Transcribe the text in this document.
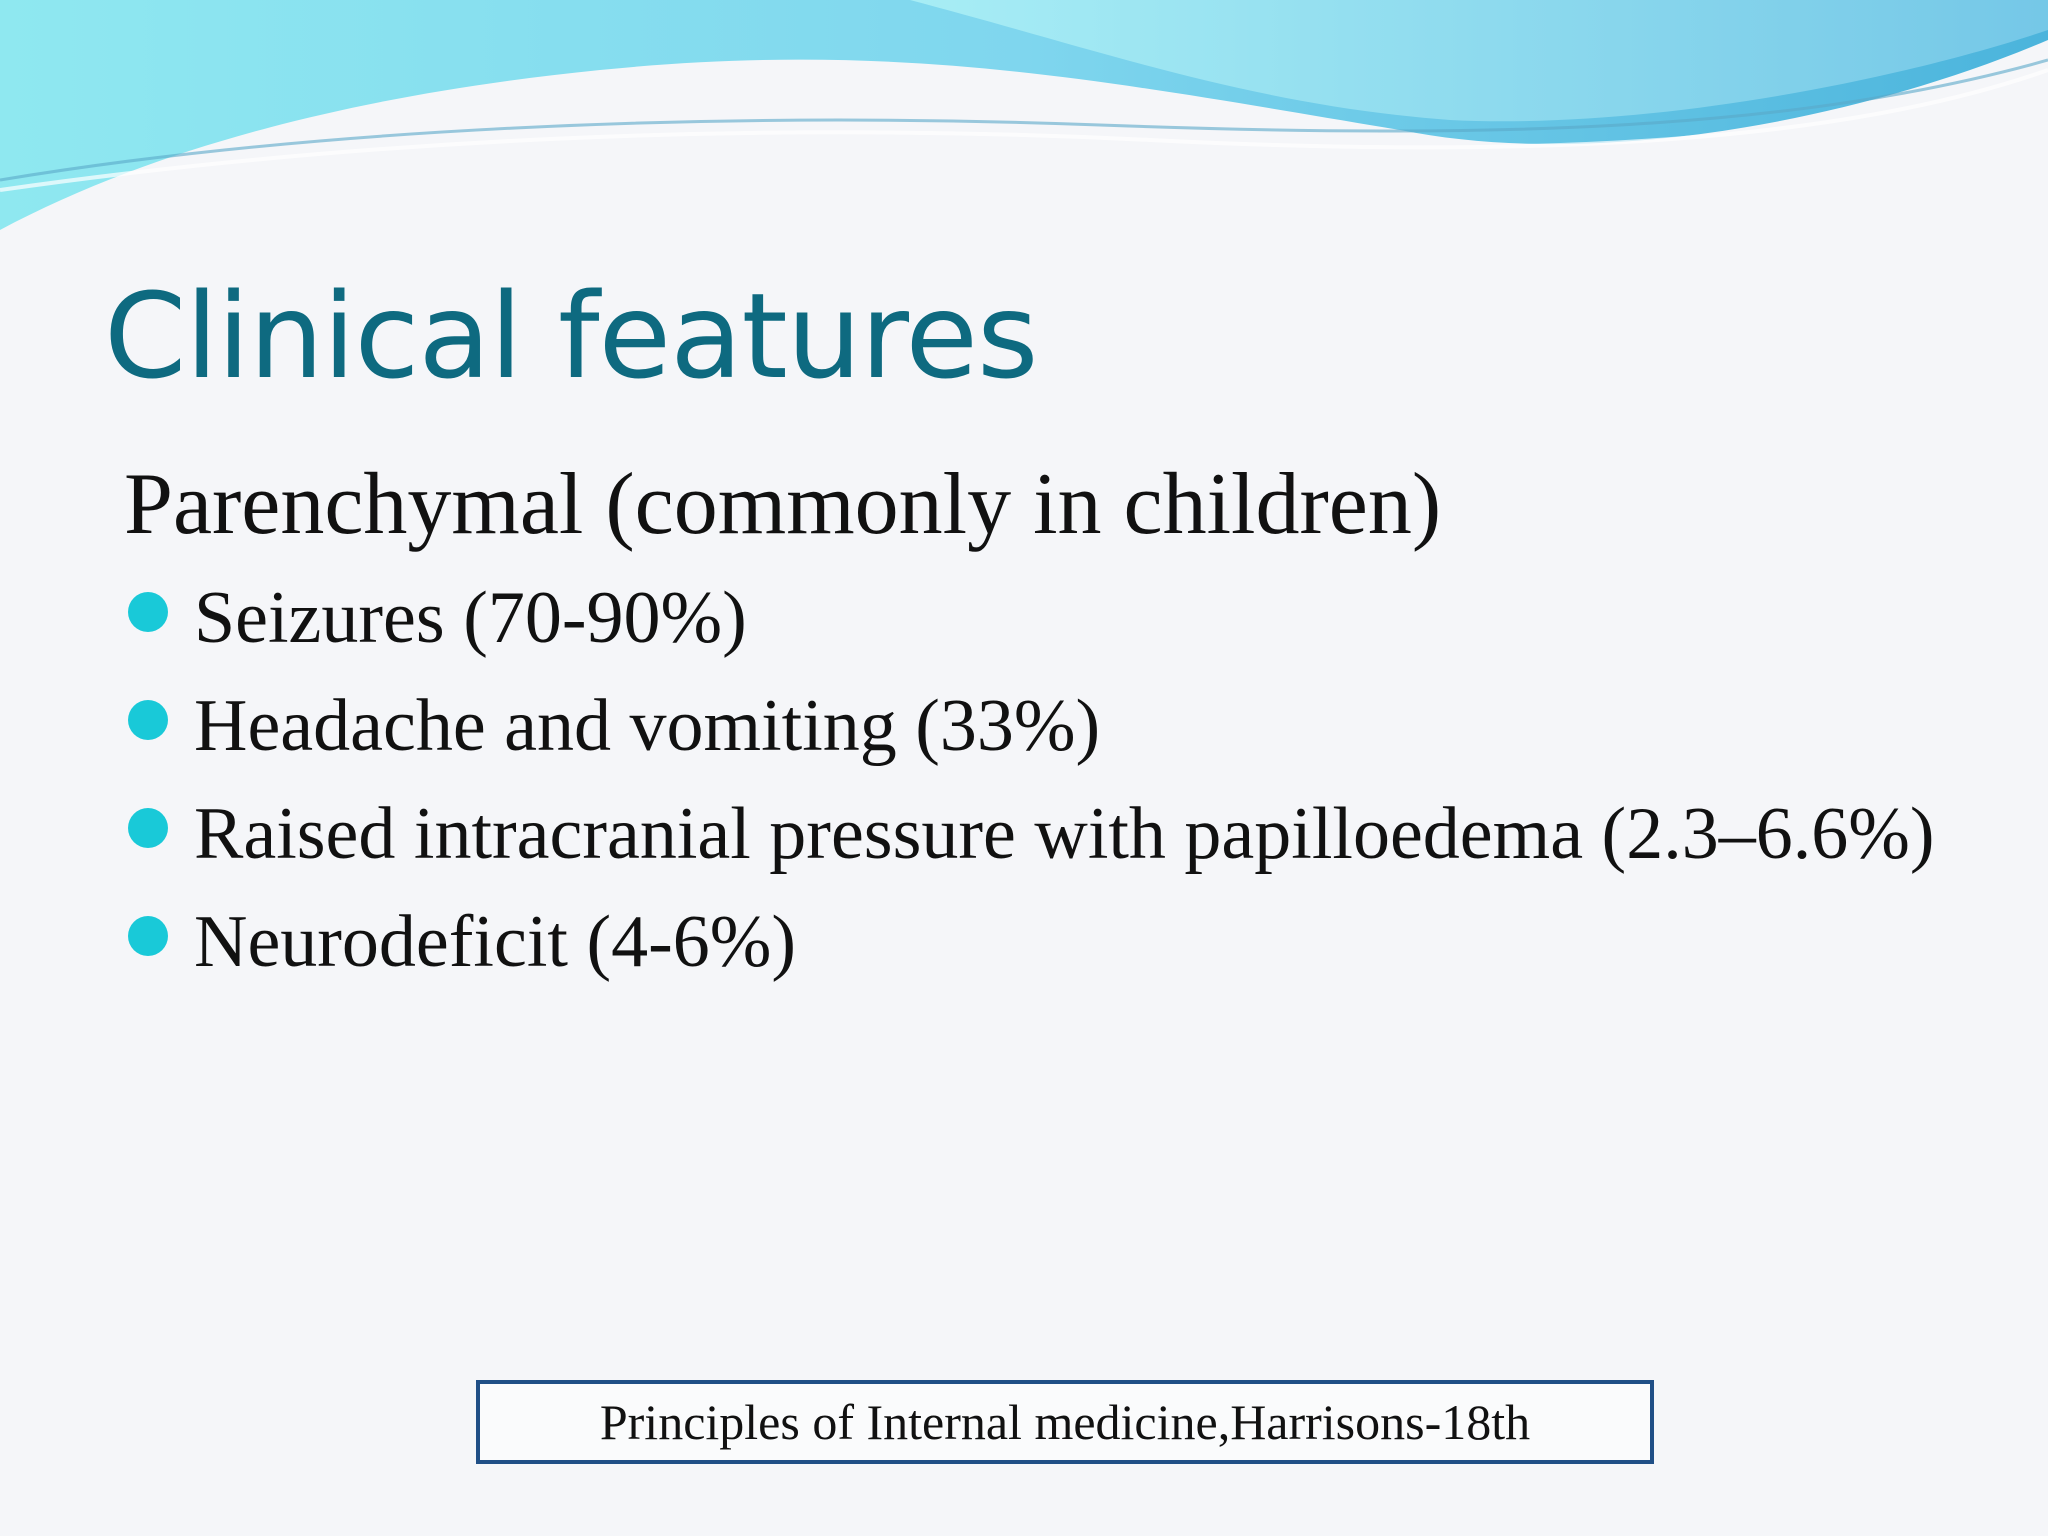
Clinical features
Parenchymal (commonly in children)
Seizures (70-90%)
Headache and vomiting (33%)
Raised intracranial pressure with papilloedema (2.3–6.6%)
Neurodeficit (4-6%)
Principles of Internal medicine,Harrisons-18th
